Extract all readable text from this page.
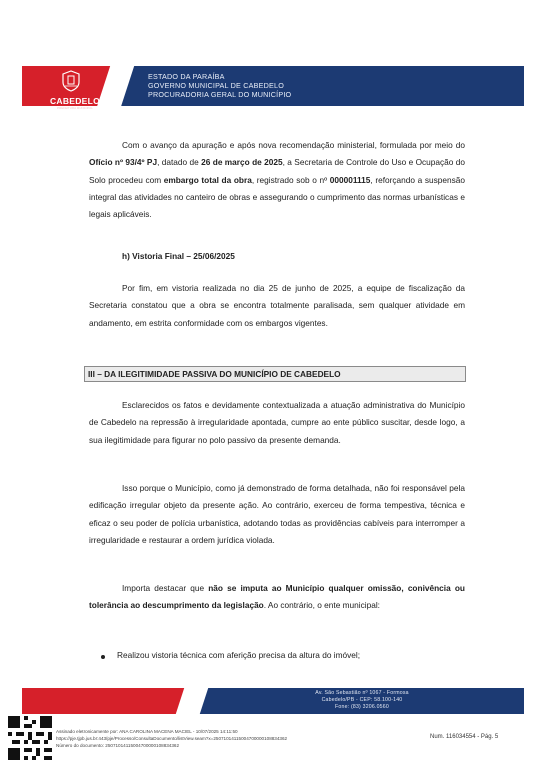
CABEDELO
PREFEITURA MUNICIPAL
ESTADO DA PARAÍBA
GOVERNO MUNICIPAL DE CABEDELO
PROCURADORIA GERAL DO MUNICÍPIO

Com o avanço da apuração e após nova recomendação ministerial, formulada por meio do Ofício nº 93/4º PJ, datado de 26 de março de 2025, a Secretaria de Controle do Uso e Ocupação do Solo procedeu com embargo total da obra, registrado sob o nº 000001115, reforçando a suspensão integral das atividades no canteiro de obras e assegurando o cumprimento das normas urbanísticas e legais aplicáveis.

h) Vistoria Final – 25/06/2025

Por fim, em vistoria realizada no dia 25 de junho de 2025, a equipe de fiscalização da Secretaria constatou que a obra se encontra totalmente paralisada, sem qualquer atividade em andamento, em estrita conformidade com os embargos vigentes.

III – DA ILEGITIMIDADE PASSIVA DO MUNICÍPIO DE CABEDELO

Esclarecidos os fatos e devidamente contextualizada a atuação administrativa do Município de Cabedelo na repressão à irregularidade apontada, cumpre ao ente público suscitar, desde logo, a sua ilegitimidade para figurar no polo passivo da presente demanda.

Isso porque o Município, como já demonstrado de forma detalhada, não foi responsável pela edificação irregular objeto da presente ação. Ao contrário, exerceu de forma tempestiva, técnica e eficaz o seu poder de polícia urbanística, adotando todas as providências cabíveis para interromper a irregularidade e restaurar a ordem jurídica violada.

Importa destacar que não se imputa ao Município qualquer omissão, conivência ou tolerância ao descumprimento da legislação. Ao contrário, o ente municipal:

Realizou vistoria técnica com aferição precisa da altura do imóvel;
Av. São Sebastião nº 1067 - Formosa
Cabedelo/PB - CEP: 58.100-140
Fone: (83) 3206.0560
Assinado eletronicamente por: ANA CAROLINA MACENA MACIEL - 10/07/2025 14:11:50
https://pje.tjpb.jus.br:443/pje/Processo/ConsultaDocumento/listView.seam?x=25071014115004700000108834362
Número do documento: 25071014115004700000108834362
Num. 116034554 - Pág. 5
